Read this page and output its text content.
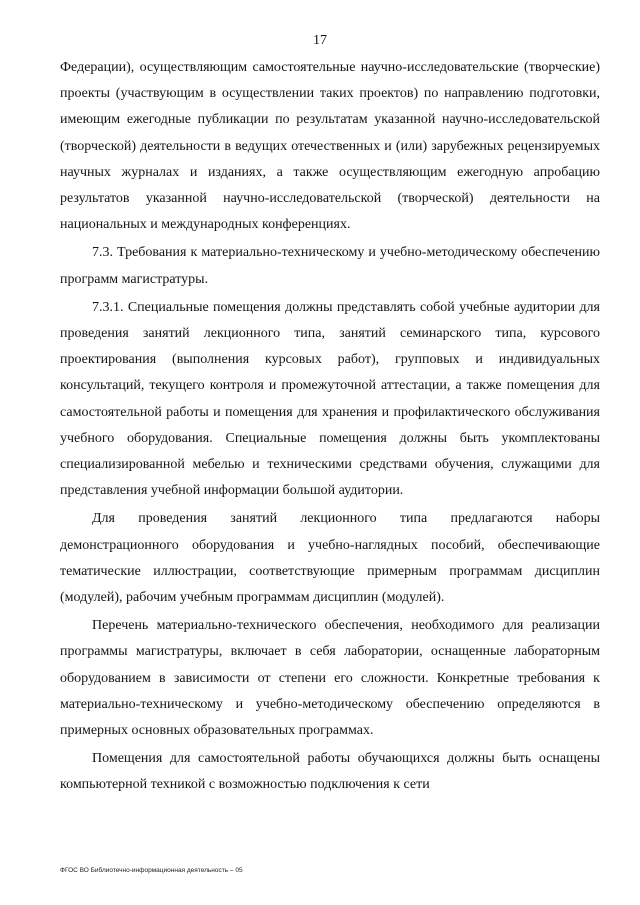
17

Федерации), осуществляющим самостоятельные научно-исследовательские (творческие) проекты (участвующим в осуществлении таких проектов) по направлению подготовки, имеющим ежегодные публикации по результатам указанной научно-исследовательской (творческой) деятельности в ведущих отечественных и (или) зарубежных рецензируемых научных журналах и изданиях, а также осуществляющим ежегодную апробацию результатов указанной научно-исследовательской (творческой) деятельности на национальных и международных конференциях.

7.3. Требования к материально-техническому и учебно-методическому обеспечению программ магистратуры.

7.3.1. Специальные помещения должны представлять собой учебные аудитории для проведения занятий лекционного типа, занятий семинарского типа, курсового проектирования (выполнения курсовых работ), групповых и индивидуальных консультаций, текущего контроля и промежуточной аттестации, а также помещения для самостоятельной работы и помещения для хранения и профилактического обслуживания учебного оборудования. Специальные помещения должны быть укомплектованы специализированной мебелью и техническими средствами обучения, служащими для представления учебной информации большой аудитории.

Для проведения занятий лекционного типа предлагаются наборы демонстрационного оборудования и учебно-наглядных пособий, обеспечивающие тематические иллюстрации, соответствующие примерным программам дисциплин (модулей), рабочим учебным программам дисциплин (модулей).

Перечень материально-технического обеспечения, необходимого для реализации программы магистратуры, включает в себя лаборатории, оснащенные лабораторным оборудованием в зависимости от степени его сложности. Конкретные требования к материально-техническому и учебно-методическому обеспечению определяются в примерных основных образовательных программах.

Помещения для самостоятельной работы обучающихся должны быть оснащены компьютерной техникой с возможностью подключения к сети

ФГОС ВО Библиотечно-информационная деятельность – 05
